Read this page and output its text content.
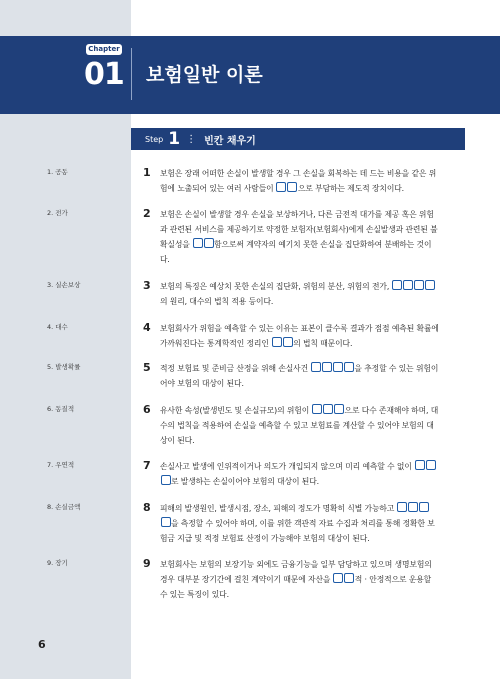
Chapter
01	보험일반 이론
Step 1 ⋮ 빈칸 채우기
1. 공동	1 보험은 장래 어떠한 손실이 발생할 경우 그 손실을 회복하는 데 드는 비용을 같은 위험에 노출되어 있는 여러 사람들이	으로 부담하는 제도적 장치이다.
2. 전가	2 보험은 손실이 발생할 경우 손실을 보상하거나, 다른 금전적 대가를 제공 혹은 위험과 관련된 서비스를 제공하기로 약정한 보험자(보험회사)에게 손실발생과 관련된 불확실성을	함으로써 계약자의 예기치 못한 손실을 집단화하여 분배하는 것이다.
3. 실손보상	3 보험의 특징은 예상치 못한 손실의 집단화, 위험의 분산, 위험의 전가, 의 원리, 대수의 법칙 적용 등이다.
4. 대수	4 보험회사가 위험을 예측할 수 있는 이유는 표본이 클수록 결과가 점점 예측된 확률에 가까워진다는 통계학적인 정리인	의 법칙 때문이다.
5. 발생확률	5 적정 보험료 및 준비금 산정을 위해 손실사건	을 추정할 수 있는 위험이어야 보험의 대상이 된다.
6. 동질적	6 유사한 속성(발생빈도 및 손실규모)의 위험이	으로 다수 존재해야 하며, 대수의 법칙을 적용하여 손실을 예측할 수 있고 보험료를 계산할 수 있어야 보험의 대상이 된다.
7. 우연적	7 손실사고 발생에 인위적이거나 의도가 개입되지 않으며 미리 예측할 수 없이 로 발생하는 손실이어야 보험의 대상이 된다.
8. 손실금액	8 피해의 발생원인, 발생시점, 장소, 피해의 정도가 명확히 식별 가능하고 을 측정할 수 있어야 하며, 이를 위한 객관적 자료 수집과 처리를 통해 정확한 보험금 지급 및 적정 보험료 산정이 가능해야 보험의 대상이 된다.
9. 장기	9 보험회사는 보험의 보장기능 외에도 금융기능을 일부 담당하고 있으며 생명보험의 경우 대부분 장기간에 걸친 계약이기 때문에 자산을	적 · 안정적으로 운용할 수 있는 특징이 있다.
6
